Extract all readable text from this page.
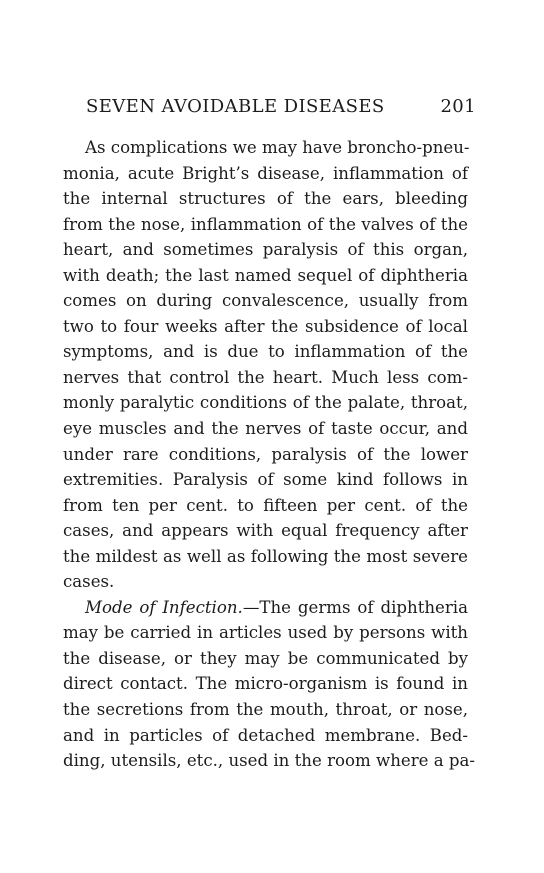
SEVEN AVOIDABLE DISEASES	201
As complications we may have broncho-pneu-
monia, acute Bright’s disease, inflammation of
the internal structures of the ears, bleeding
from the nose, inflammation of the valves of the
heart, and sometimes paralysis of this organ,
with death; the last named sequel of diphtheria
comes on during convalescence, usually from
two to four weeks after the subsidence of local
symptoms, and is due to inflammation of the
nerves that control the heart. Much less com-
monly paralytic conditions of the palate, throat,
eye muscles and the nerves of taste occur, and
under rare conditions, paralysis of the lower
extremities. Paralysis of some kind follows in
from ten per cent. to fifteen per cent. of the
cases, and appears with equal frequency after
the mildest as well as following the most severe
cases.
Mode of Infection.—The germs of diphtheria
may be carried in articles used by persons with
the disease, or they may be communicated by
direct contact. The micro-organism is found in
the secretions from the mouth, throat, or nose,
and in particles of detached membrane. Bed-
ding, utensils, etc., used in the room where a pa-
